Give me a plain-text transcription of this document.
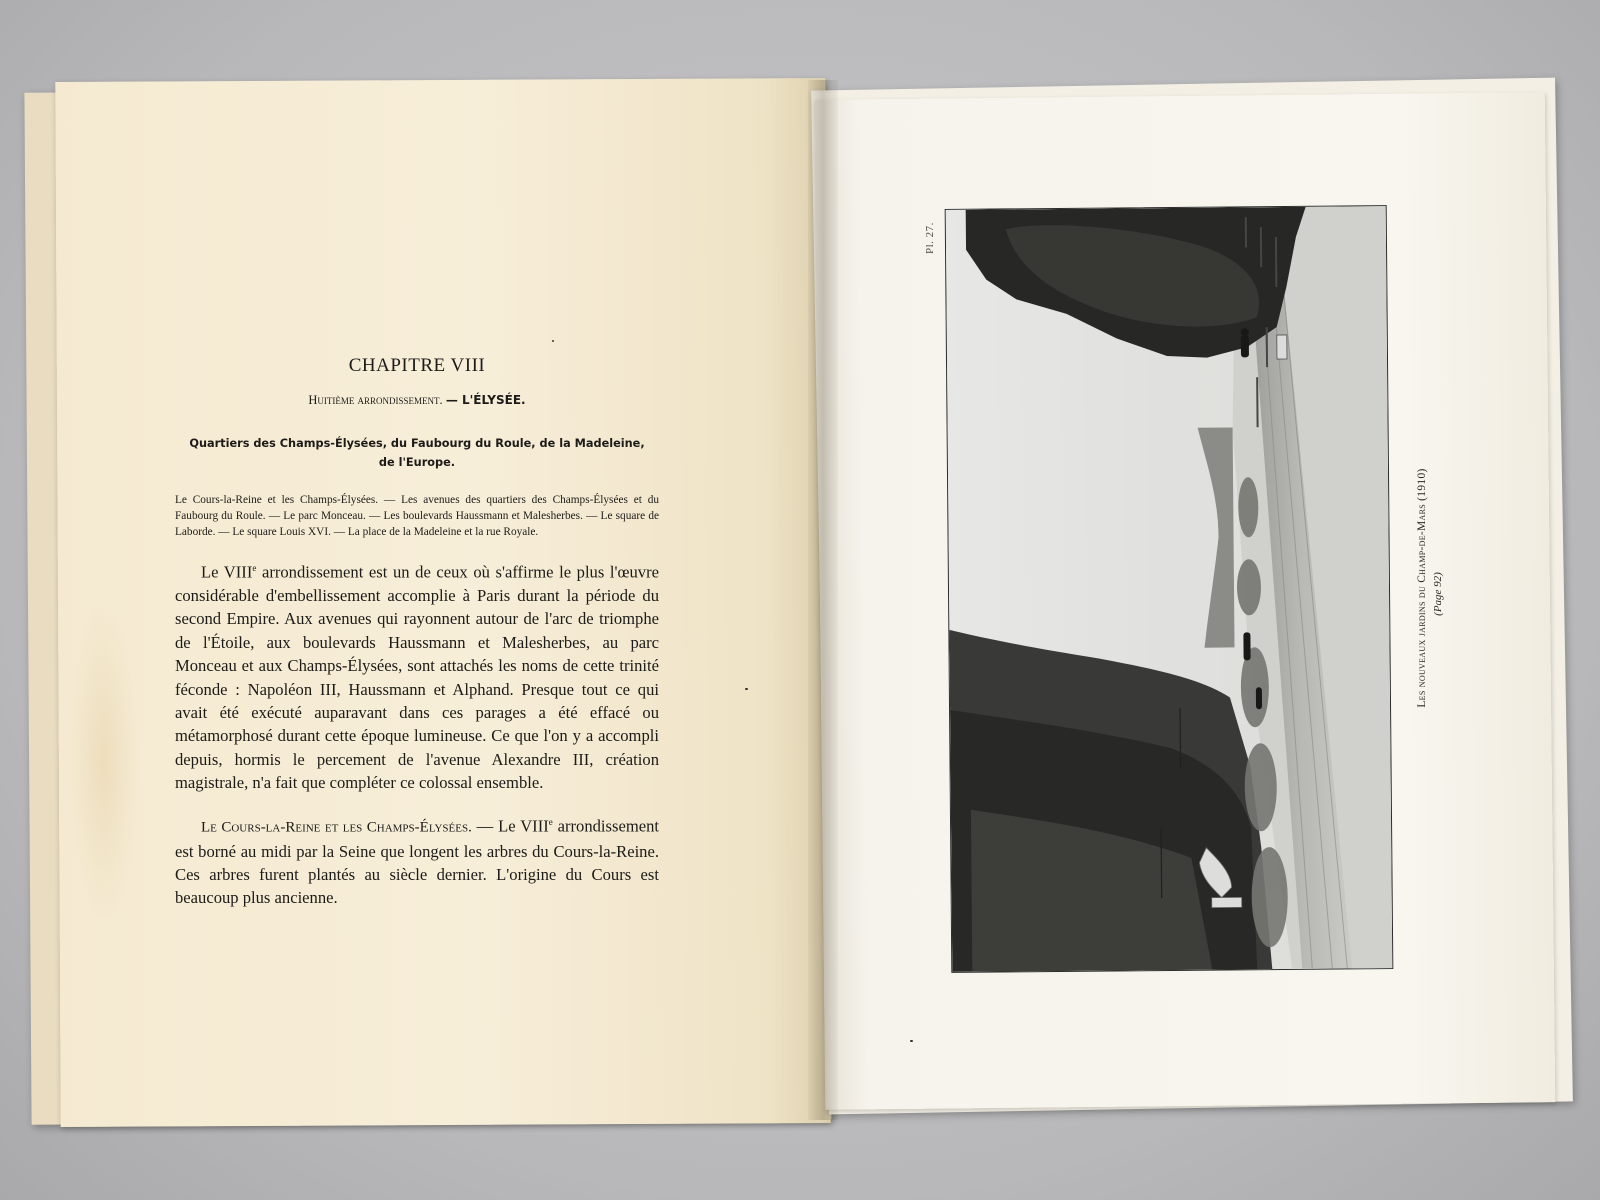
CHAPITRE VIII

Huitième arrondissement. — L'ÉLYSÉE.

Quartiers des Champs-Élysées, du Faubourg du Roule, de la Madeleine,
de l'Europe.

Le Cours-la-Reine et les Champs-Élysées. — Les avenues des quartiers des Champs-Élysées et du Faubourg du Roule. — Le parc Monceau. — Les boulevards Haussmann et Malesherbes. — Le square de Laborde. — Le square Louis XVI. — La place de la Madeleine et la rue Royale.

Le VIIIe arrondissement est un de ceux où s'affirme le plus l'œuvre considérable d'embellissement accomplie à Paris durant la période du second Empire. Aux avenues qui rayonnent autour de l'arc de triomphe de l'Étoile, aux boulevards Haussmann et Malesherbes, au parc Monceau et aux Champs-Élysées, sont attachés les noms de cette trinité féconde : Napoléon III, Haussmann et Alphand. Presque tout ce qui avait été exécuté auparavant dans ces parages a été effacé ou métamorphosé durant cette époque lumineuse. Ce que l'on y a accompli depuis, hormis le percement de l'avenue Alexandre III, création magistrale, n'a fait que compléter ce colossal ensemble.

Le Cours-la-Reine et les Champs-Élysées. — Le VIIIe arrondissement est borné au midi par la Seine que longent les arbres du Cours-la-Reine. Ces arbres furent plantés au siècle dernier. L'origine du Cours est beaucoup plus ancienne.

Pl. 27.
Les nouveaux jardins du Champ-de-Mars (1910) (Page 92)
